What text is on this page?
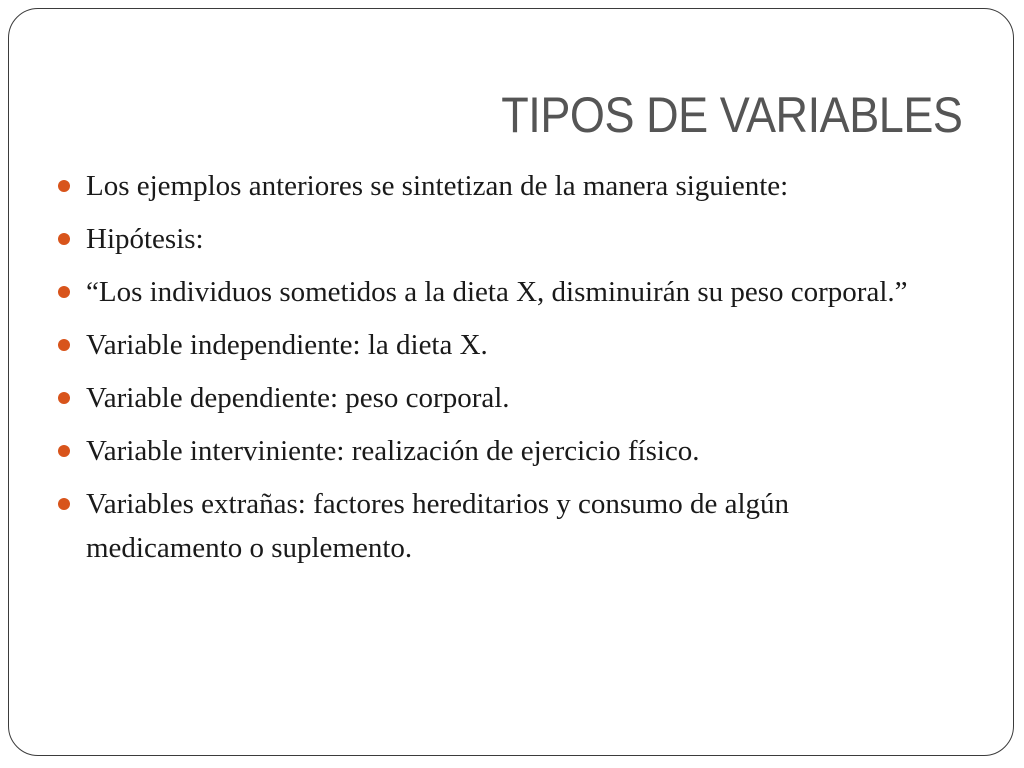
TIPOS DE VARIABLES
Los ejemplos anteriores se sintetizan de la manera siguiente:
Hipótesis:
“Los individuos sometidos a la dieta X, disminuirán su peso corporal.”
Variable independiente: la dieta X.
Variable dependiente: peso corporal.
Variable interviniente: realización de ejercicio físico.
Variables extrañas: factores hereditarios y consumo de algún medicamento o suplemento.
